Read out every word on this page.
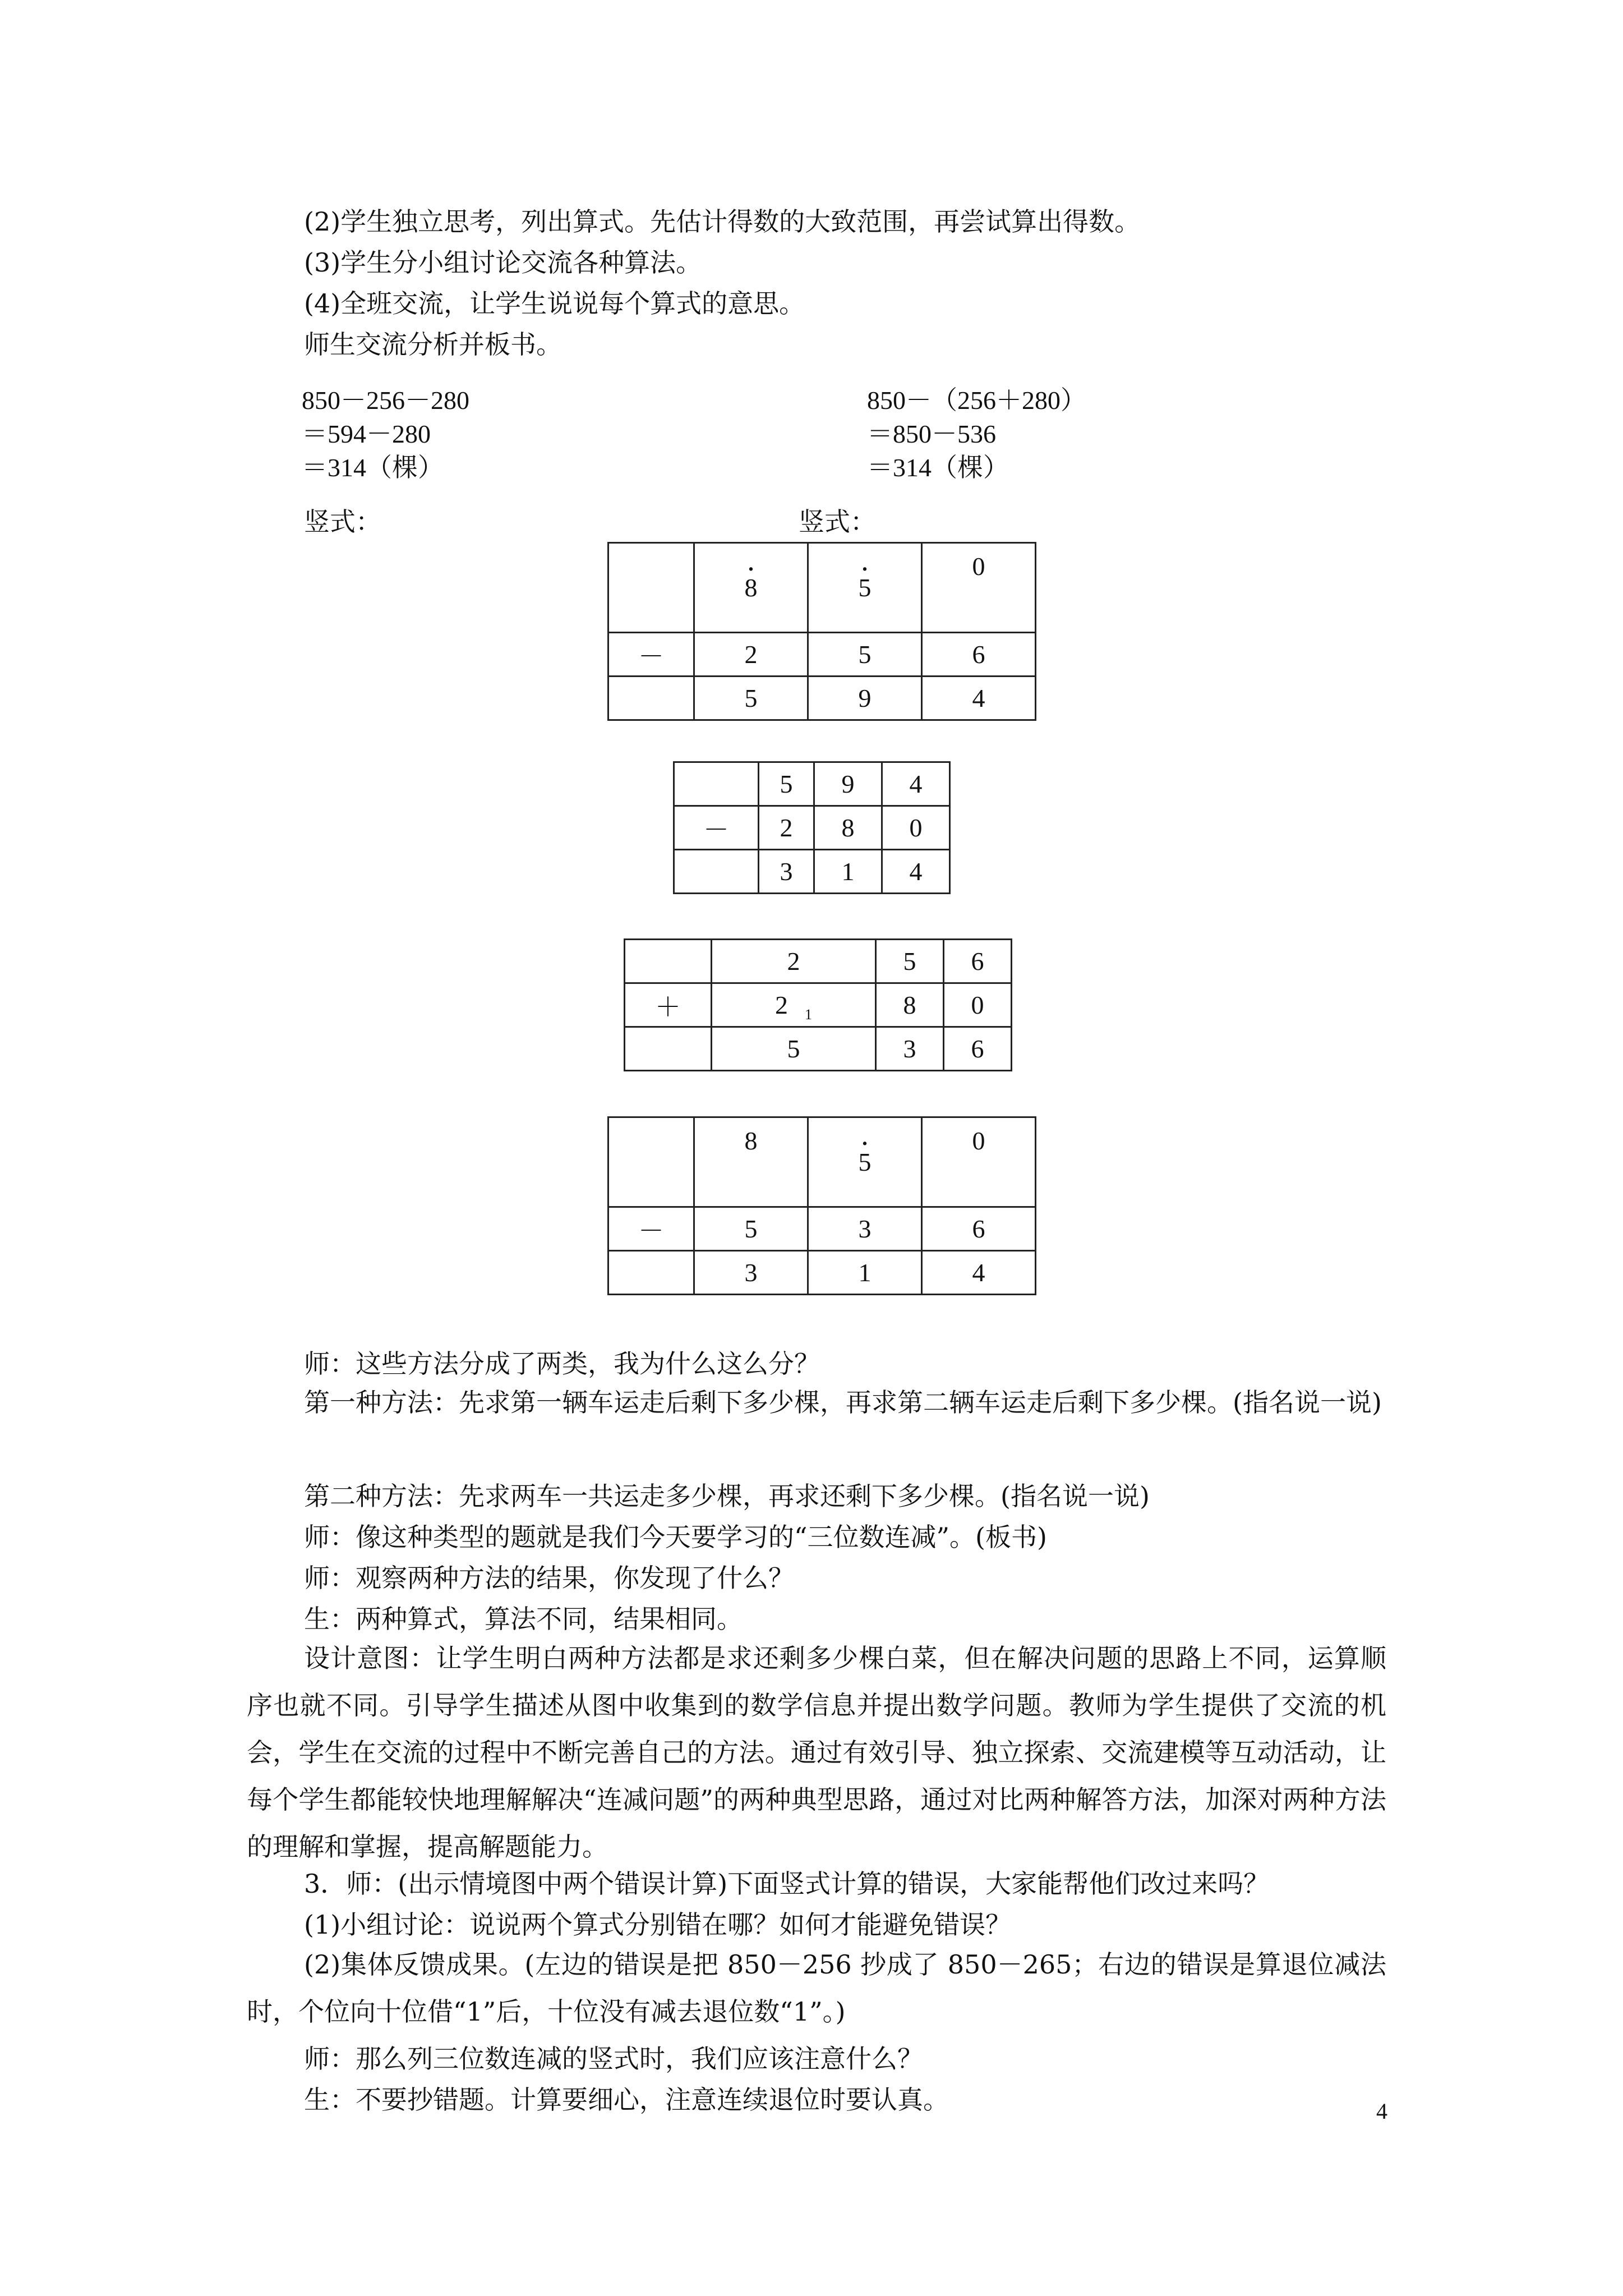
(2)学生独立思考，列出算式。先估计得数的大致范围，再尝试算出得数。
(3)学生分小组讨论交流各种算法。
(4)全班交流，让学生说说每个算式的意思。
师生交流分析并板书。
850－256－280
＝594－280
＝314（棵）
850－（256＋280）
＝850－536
＝314（棵）
竖式：	竖式：
	· 8	· 5	0
－	2	5	6
	5	9	4
	5	9	4
－	2	8	0
	3	1	4
	2	5	6
＋	2 $_1$	8	0
	5	3	6
	8	· 5	0
－	5	3	6
	3	1	4
师：这些方法分成了两类，我为什么这么分？
第一种方法：先求第一辆车运走后剩下多少棵，再求第二辆车运走后剩下多少棵。(指名说一说)
第二种方法：先求两车一共运走多少棵，再求还剩下多少棵。(指名说一说)
师：像这种类型的题就是我们今天要学习的“三位数连减”。(板书)
师：观察两种方法的结果，你发现了什么？
生：两种算式，算法不同，结果相同。
设计意图：让学生明白两种方法都是求还剩多少棵白菜，但在解决问题的思路上不同，运算顺序也就不同。引导学生描述从图中收集到的数学信息并提出数学问题。教师为学生提供了交流的机会，学生在交流的过程中不断完善自己的方法。通过有效引导、独立探索、交流建模等互动活动，让每个学生都能较快地理解解决“连减问题”的两种典型思路，通过对比两种解答方法，加深对两种方法的理解和掌握，提高解题能力。
3．师：(出示情境图中两个错误计算)下面竖式计算的错误，大家能帮他们改过来吗？
(1)小组讨论：说说两个算式分别错在哪？如何才能避免错误？
(2)集体反馈成果。(左边的错误是把 850－256 抄成了 850－265；右边的错误是算退位减法时，个位向十位借“1”后，十位没有减去退位数“1”。)
师：那么列三位数连减的竖式时，我们应该注意什么？
生：不要抄错题。计算要细心，注意连续退位时要认真。	4
